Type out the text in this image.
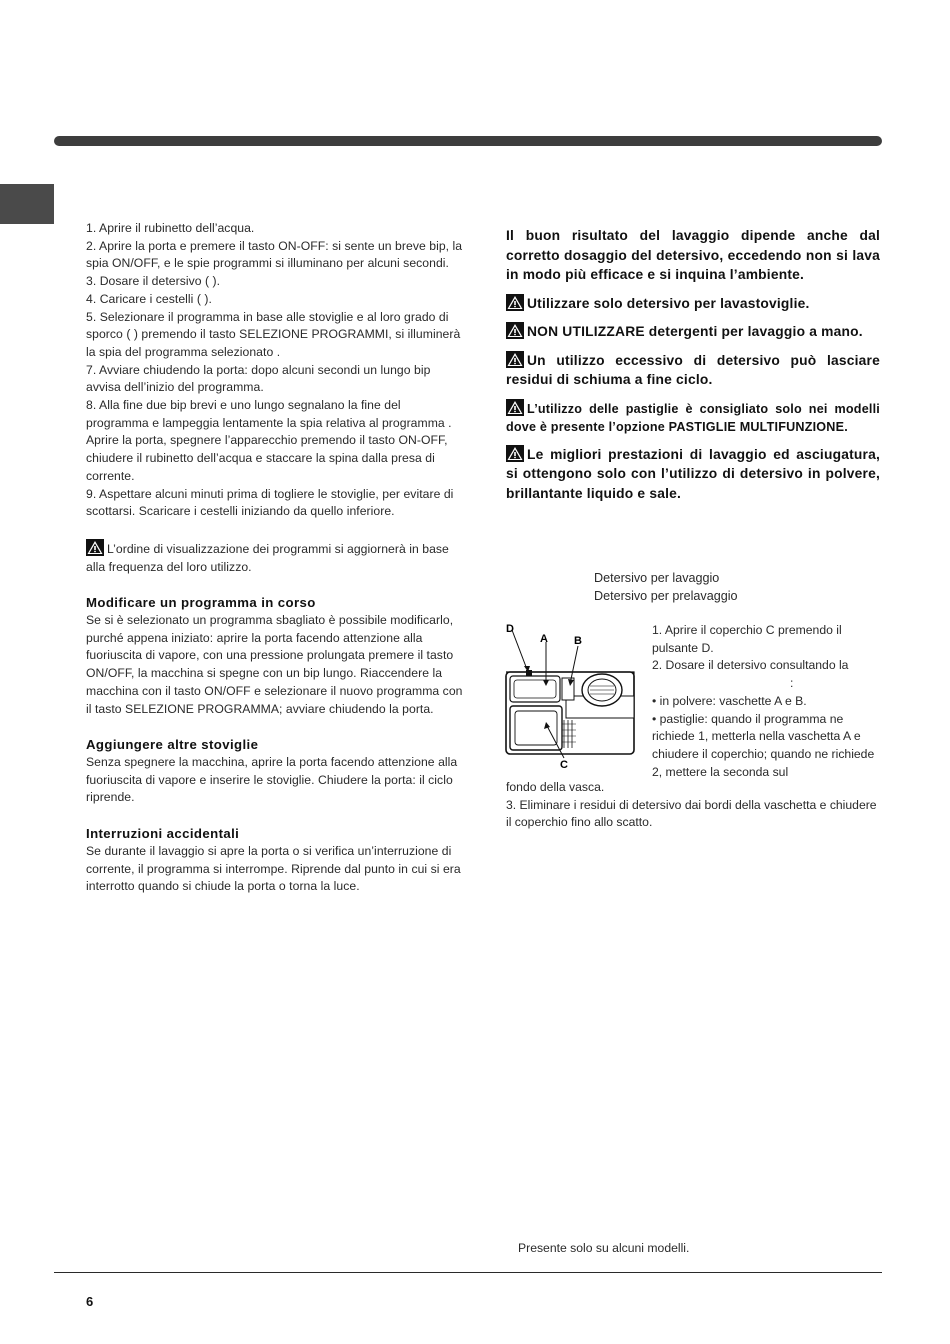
1. Aprire il rubinetto dell’acqua.

2. Aprire la porta e premere il tasto ON-OFF: si sente un breve bip, la spia ON/OFF, e le spie programmi si illuminano per alcuni secondi.

3. Dosare il detersivo ( ).

4. Caricare i cestelli ( ).

5. Selezionare il programma in base alle stoviglie e al loro grado di sporco ( ) premendo il tasto SELEZIONE PROGRAMMI, si illuminerà la spia del programma selezionato .

7. Avviare chiudendo la porta: dopo alcuni secondi un lungo bip avvisa dell’inizio del programma.

8. Alla fine due bip brevi e uno lungo segnalano la fine del programma e lampeggia lentamente la spia relativa al programma . Aprire la porta, spegnere l’apparecchio premendo il tasto ON-OFF, chiudere il rubinetto dell’acqua e staccare la spina dalla presa di corrente.

9. Aspettare alcuni minuti prima di togliere le stoviglie, per evitare di scottarsi. Scaricare i cestelli iniziando da quello inferiore.

L’ordine di visualizzazione dei programmi si aggiornerà in base alla frequenza del loro utilizzo.

Modificare un programma in corso

Se si è selezionato un programma sbagliato è possibile modificarlo, purché appena iniziato: aprire la porta facendo attenzione alla fuoriuscita di vapore, con una pressione prolungata premere il tasto ON/OFF, la macchina si spegne con un bip lungo. Riaccendere la macchina con il tasto ON/OFF e selezionare il nuovo programma con il tasto SELEZIONE PROGRAMMA; avviare chiudendo la porta.

Aggiungere altre stoviglie

Senza spegnere la macchina, aprire la porta facendo attenzione alla fuoriuscita di vapore e inserire le stoviglie. Chiudere la porta: il ciclo riprende.

Interruzioni accidentali

Se durante il lavaggio si apre la porta o si verifica un’interruzione di corrente, il programma si interrompe. Riprende dal punto in cui si era interrotto quando si chiude la porta o torna la luce.

Il buon risultato del lavaggio dipende anche dal corretto dosaggio del detersivo, eccedendo non si lava in modo più efficace e si inquina l’ambiente.

Utilizzare solo detersivo per lavastoviglie.

NON UTILIZZARE detergenti per lavaggio a mano.

Un utilizzo eccessivo di detersivo può lasciare residui di schiuma a fine ciclo.

L’utilizzo delle pastiglie è consigliato solo nei modelli dove è presente l’opzione PASTIGLIE MULTIFUNZIONE.

Le migliori prestazioni di lavaggio ed asciugatura, si ottengono solo con l’utilizzo di detersivo in polvere, brillantante liquido e sale.

Detersivo per lavaggio

Detersivo per prelavaggio

D
A B
C

1. Aprire il coperchio C premendo il pulsante D.

2. Dosare il detersivo consultando la

:

• in polvere: vaschette A e B.

• pastiglie: quando il programma ne richiede 1, metterla nella vaschetta A e chiudere il coperchio; quando ne richiede 2, mettere la seconda sul

fondo della vasca.

3. Eliminare i residui di detersivo dai bordi della vaschetta e chiudere il coperchio fino allo scatto.

Presente solo su alcuni modelli.
6
